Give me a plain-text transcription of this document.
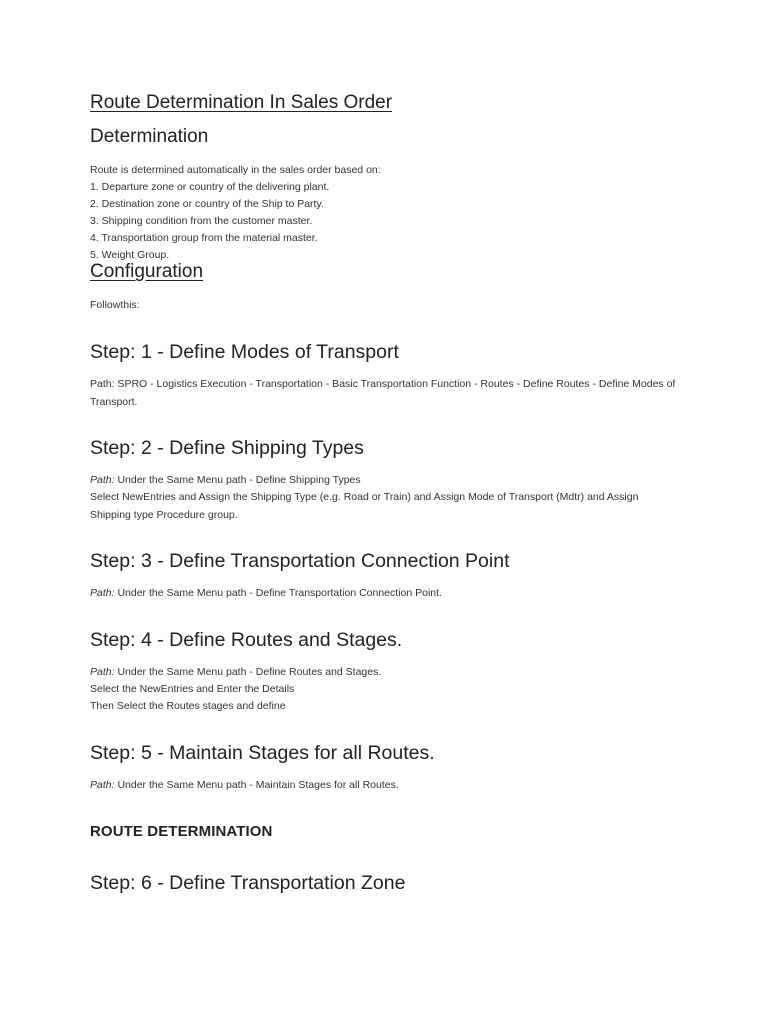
Route Determination In Sales Order
Determination
Route is determined automatically in the sales order based on:
1. Departure zone or country of the delivering plant.
2. Destination zone or country of the Ship to Party.
3. Shipping condition from the customer master.
4. Transportation group from the material master.
5. Weight Group.
Configuration
Followthis:
Step: 1 - Define Modes of Transport
Path: SPRO - Logistics Execution - Transportation - Basic Transportation Function - Routes - Define Routes - Define Modes of Transport.
Step: 2 - Define Shipping Types
Path: Under the Same Menu path - Define Shipping Types
Select NewEntries and Assign the Shipping Type (e.g. Road or Train) and Assign Mode of Transport (Mdtr) and Assign Shipping type Procedure group.
Step: 3 - Define Transportation Connection Point
Path: Under the Same Menu path - Define Transportation Connection Point.
Step: 4 - Define Routes and Stages.
Path: Under the Same Menu path - Define Routes and Stages.
Select the NewEntries and Enter the Details
Then Select the Routes stages and define
Step: 5 - Maintain Stages for all Routes.
Path: Under the Same Menu path - Maintain Stages for all Routes.
ROUTE DETERMINATION
Step: 6 - Define Transportation Zone
